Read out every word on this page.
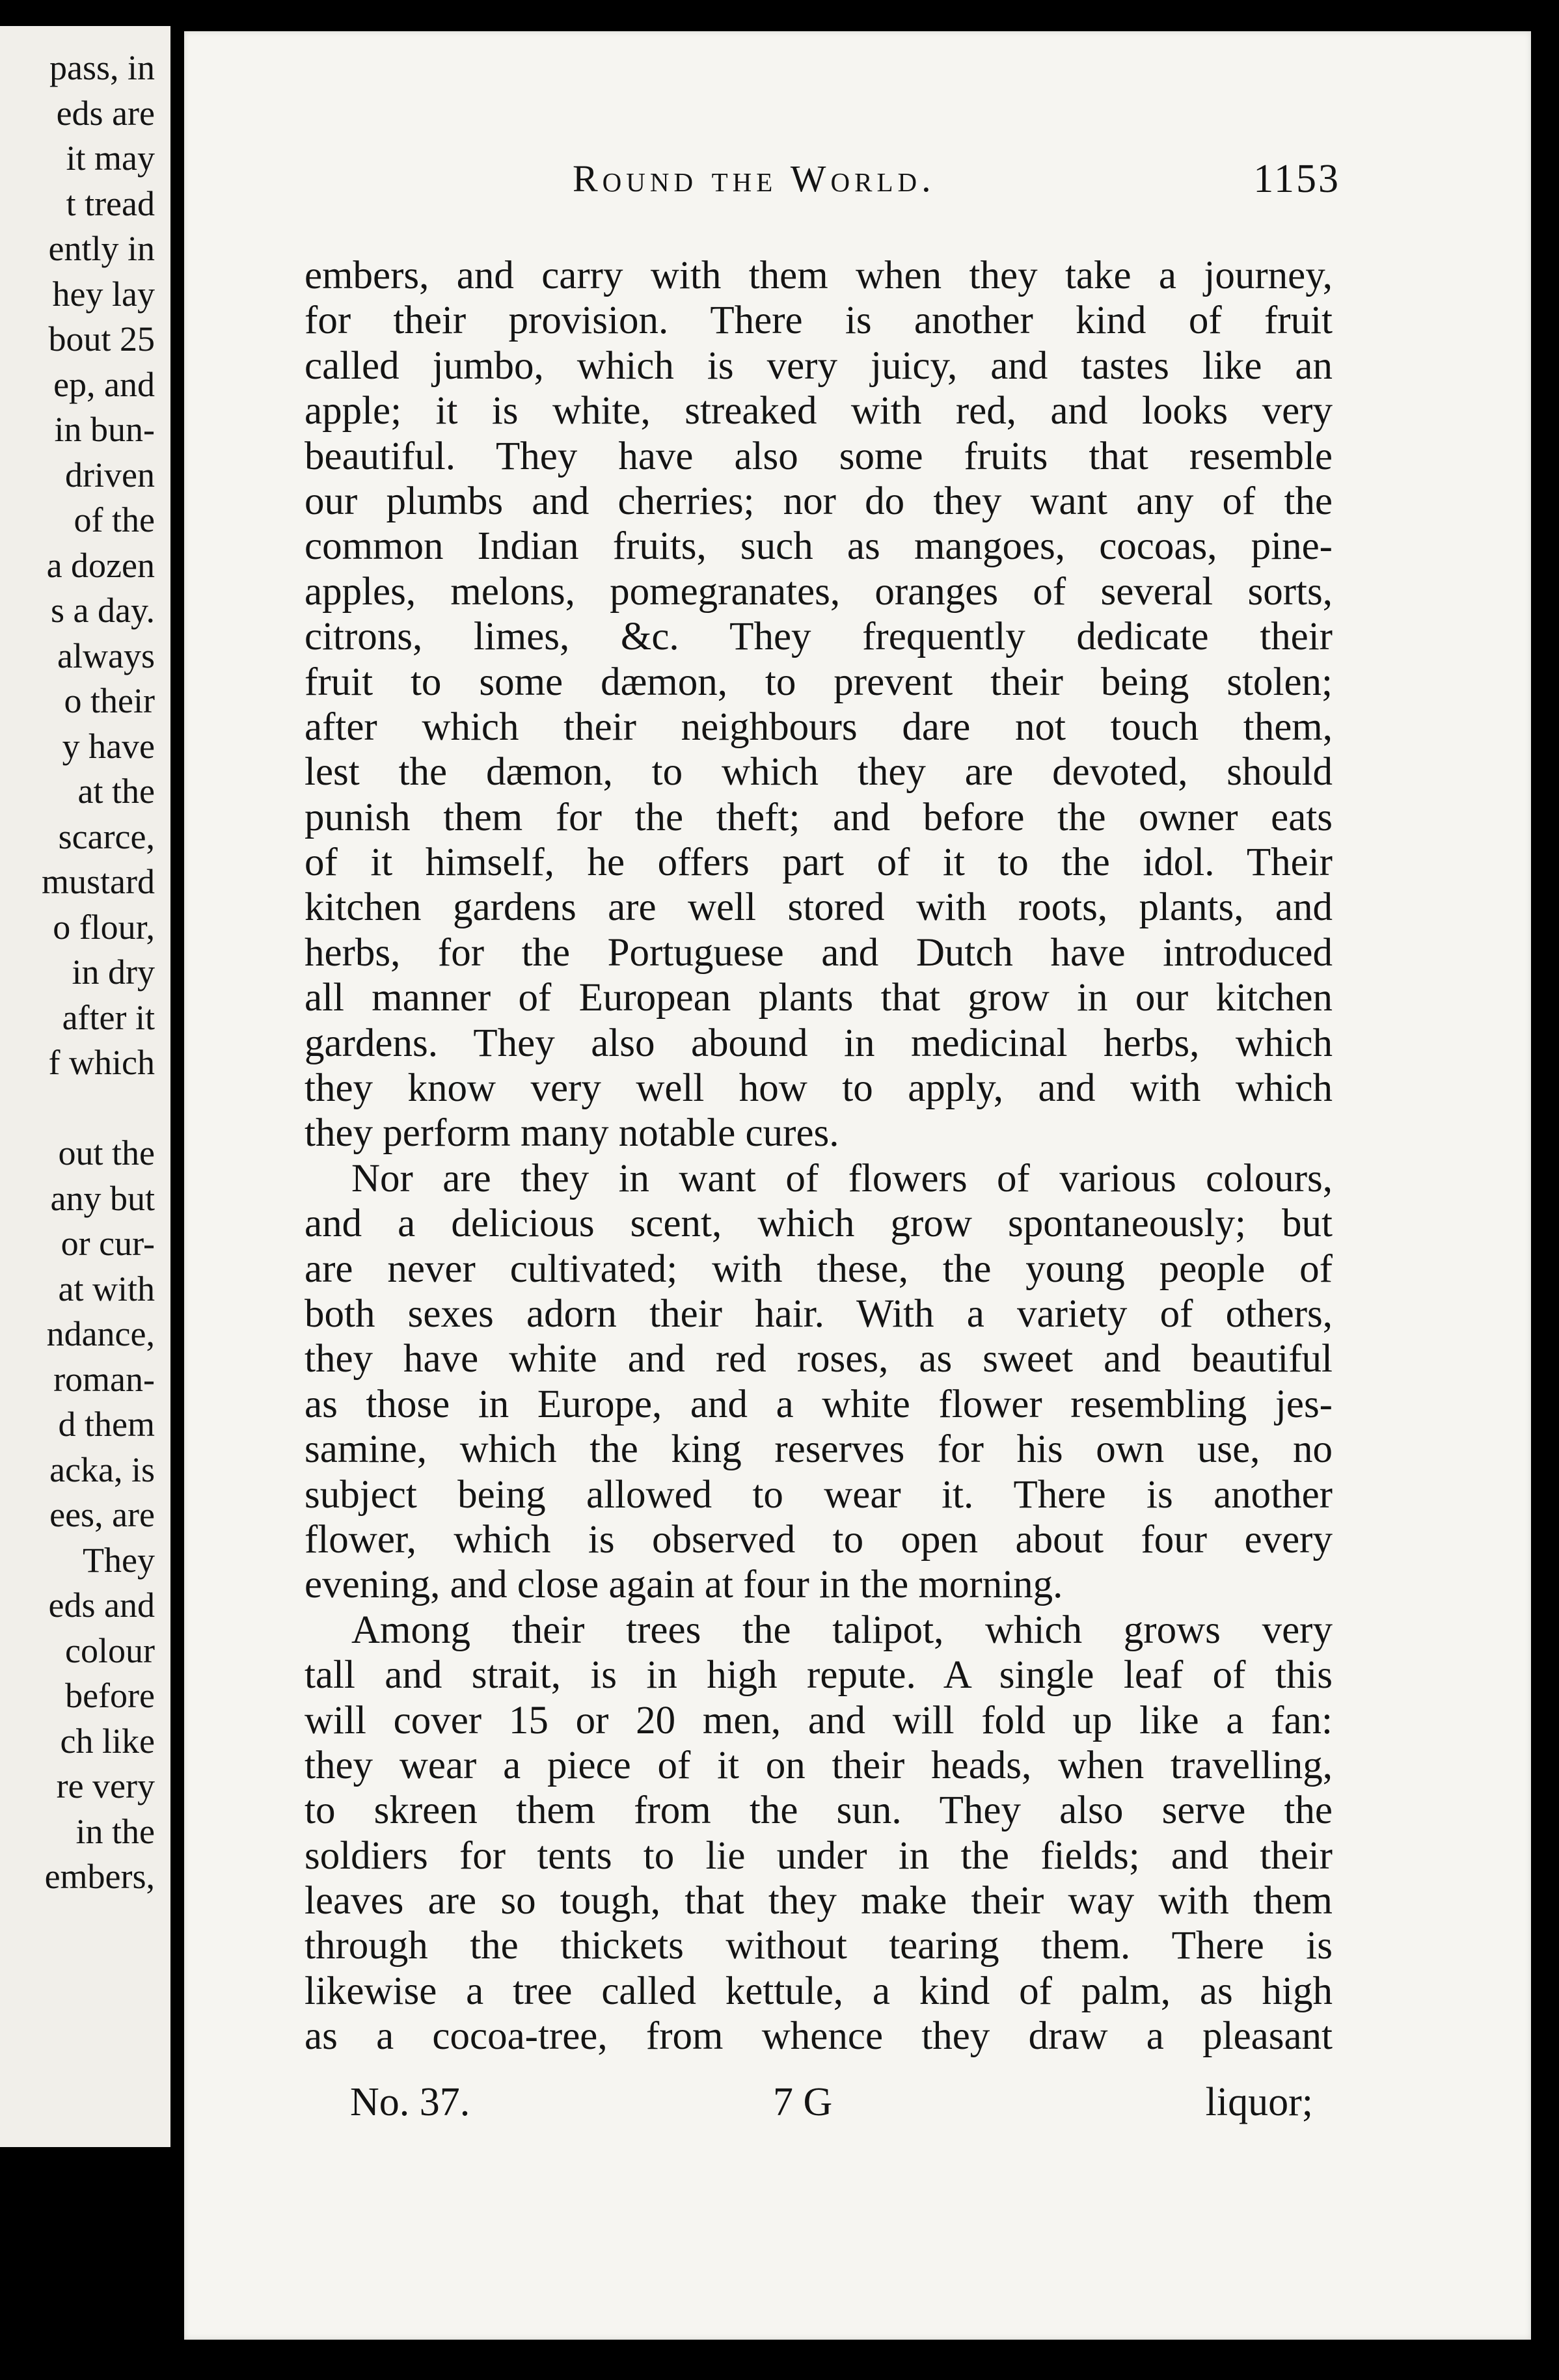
pass, in

eds are

it may

t tread

ently in

hey lay

bout 25

ep, and

in bun-

driven

of the

a dozen

s a day.

always

o their

y have

at the

scarce,

mustard

o flour,

in dry

after it

f which

out the

any but

or cur-

at with

ndance,

roman-

d them

acka, is

ees, are

They

eds and

colour

before

ch like

re very

in the

embers,

Round the World.	1153

embers, and carry with them when they take a journey,

for their provision. There is another kind of fruit

called jumbo, which is very juicy, and tastes like an

apple; it is white, streaked with red, and looks very

beautiful. They have also some fruits that resemble

our plumbs and cherries; nor do they want any of the

common Indian fruits, such as mangoes, cocoas, pine-

apples, melons, pomegranates, oranges of several sorts,

citrons, limes, &c. They frequently dedicate their

fruit to some dæmon, to prevent their being stolen;

after which their neighbours dare not touch them,

lest the dæmon, to which they are devoted, should

punish them for the theft; and before the owner eats

of it himself, he offers part of it to the idol. Their

kitchen gardens are well stored with roots, plants, and

herbs, for the Portuguese and Dutch have introduced

all manner of European plants that grow in our kitchen

gardens. They also abound in medicinal herbs, which

they know very well how to apply, and with which

they perform many notable cures.

Nor are they in want of flowers of various colours,

and a delicious scent, which grow spontaneously; but

are never cultivated; with these, the young people of

both sexes adorn their hair. With a variety of others,

they have white and red roses, as sweet and beautiful

as those in Europe, and a white flower resembling jes-

samine, which the king reserves for his own use, no

subject being allowed to wear it. There is another

flower, which is observed to open about four every

evening, and close again at four in the morning.

Among their trees the talipot, which grows very

tall and strait, is in high repute. A single leaf of this

will cover 15 or 20 men, and will fold up like a fan:

they wear a piece of it on their heads, when travelling,

to skreen them from the sun. They also serve the

soldiers for tents to lie under in the fields; and their

leaves are so tough, that they make their way with them

through the thickets without tearing them. There is

likewise a tree called kettule, a kind of palm, as high

as a cocoa-tree, from whence they draw a pleasant

No. 37.	7 G	liquor;
